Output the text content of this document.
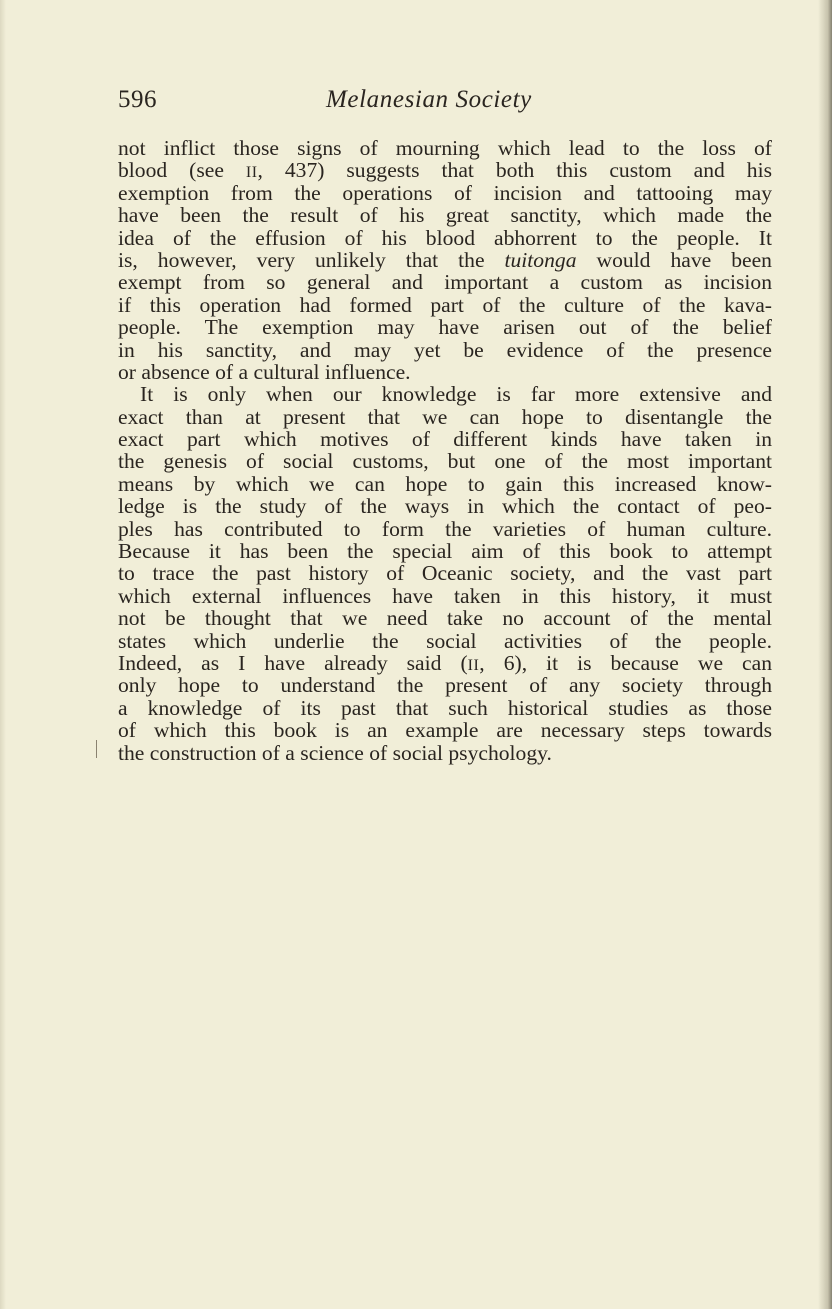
596	Melanesian Society
not inflict those signs of mourning which lead to the loss of
blood (see II, 437) suggests that both this custom and his
exemption from the operations of incision and tattooing may
have been the result of his great sanctity, which made the
idea of the effusion of his blood abhorrent to the people. It
is, however, very unlikely that the tuitonga would have been
exempt from so general and important a custom as incision
if this operation had formed part of the culture of the kava-
people. The exemption may have arisen out of the belief
in his sanctity, and may yet be evidence of the presence
or absence of a cultural influence.
It is only when our knowledge is far more extensive and
exact than at present that we can hope to disentangle the
exact part which motives of different kinds have taken in
the genesis of social customs, but one of the most important
means by which we can hope to gain this increased know-
ledge is the study of the ways in which the contact of peo-
ples has contributed to form the varieties of human culture.
Because it has been the special aim of this book to attempt
to trace the past history of Oceanic society, and the vast part
which external influences have taken in this history, it must
not be thought that we need take no account of the mental
states which underlie the social activities of the people.
Indeed, as I have already said (II, 6), it is because we can
only hope to understand the present of any society through
a knowledge of its past that such historical studies as those
of which this book is an example are necessary steps towards
the construction of a science of social psychology.
